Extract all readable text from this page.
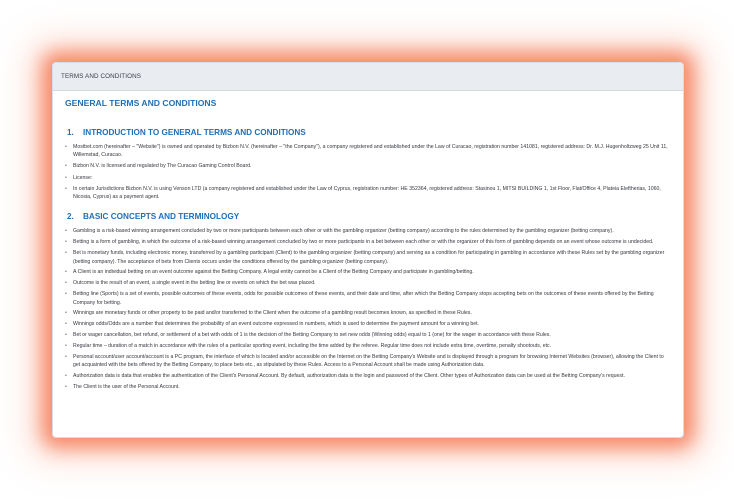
TERMS AND CONDITIONS
GENERAL TERMS AND CONDITIONS
1. INTRODUCTION TO GENERAL TERMS AND CONDITIONS
• Mostbet.com (hereinafter – "Website") is owned and operated by Bizbon N.V. (hereinafter – "the Company"), a company registered and established under the Law of Curacao, registration number 141081, registered address: Dr. M.J. Hugenholtzweg 25 Unit 11, Willemstad, Curacao.
• Bizbon N.V. is licensed and regulated by The Curacao Gaming Control Board.
• License:
• In certain Jurisdictions Bizbon N.V. is using Venson LTD (a company registered and established under the Law of Cyprus, registration number: HE 352364, registered address: Stasinou 1, MITSI BUILDING 1, 1st Floor, Flat/Office 4, Plateia Eleftherias, 1060, Nicosia, Cyprus) as a payment agent.
2. BASIC CONCEPTS AND TERMINOLOGY
• Gambling is a risk-based winning arrangement concluded by two or more participants between each other or with the gambling organizer (betting company) according to the rules determined by the gambling organizer (betting company).
• Betting is a form of gambling, in which the outcome of a risk-based winning arrangement concluded by two or more participants in a bet between each other or with the organizer of this form of gambling depends on an event whose outcome is undecided.
• Bet is monetary funds, including electronic money, transferred by a gambling participant (Client) to the gambling organizer (betting company) and serving as a condition for participating in gambling in accordance with these Rules set by the gambling organizer (betting company). The acceptance of bets from Clients occurs under the conditions offered by the gambling organizer (betting company).
• A Client is an individual betting on an event outcome against the Betting Company. A legal entity cannot be a Client of the Betting Company and participate in gambling/betting.
• Outcome is the result of an event, a single event in the betting line or events on which the bet was placed.
• Betting line (Sports) is a set of events, possible outcomes of these events, odds for possible outcomes of these events, and their date and time, after which the Betting Company stops accepting bets on the outcomes of these events offered by the Betting Company for betting.
• Winnings are monetary funds or other property to be paid and/or transferred to the Client when the outcome of a gambling result becomes known, as specified in these Rules.
• Winnings odds/Odds are a number that determines the probability of an event outcome expressed in numbers, which is used to determine the payment amount for a winning bet.
• Bet or wager cancellation, bet refund, or settlement of a bet with odds of 1 is the decision of the Betting Company to set new odds (Winning odds) equal to 1 (one) for the wager in accordance with these Rules.
• Regular time – duration of a match in accordance with the rules of a particular sporting event, including the time added by the referee. Regular time does not include extra time, overtime, penalty shootouts, etc.
• Personal account/user account/account is a PC program, the interface of which is located and/or accessible on the Internet on the Betting Company's Website and is displayed through a program for browsing Internet Websites (browser), allowing the Client to get acquainted with the bets offered by the Betting Company, to place bets etc., as stipulated by these Rules. Access to a Personal Account shall be made using Authorization data.
• Authorization data is data that enables the authentication of the Client's Personal Account. By default, authorization data is the login and password of the Client. Other types of Authorization data can be used at the Betting Company's request.
• The Client is the user of the Personal Account.
